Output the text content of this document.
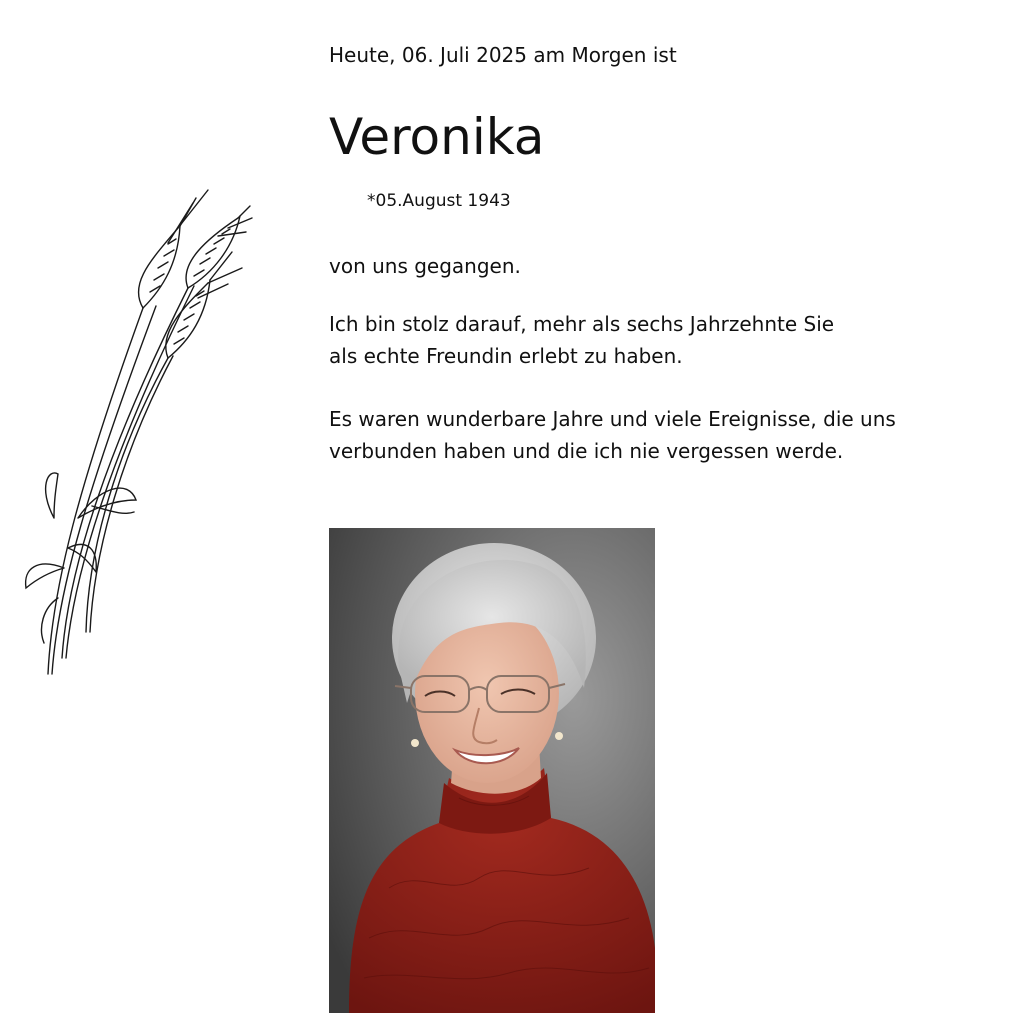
Heute, 06. Juli 2025 am Morgen ist
Veronika
*05.August 1943
von uns gegangen.
Ich bin stolz darauf, mehr als sechs Jahrzehnte Sie
als echte Freundin erlebt zu haben.
Es waren wunderbare Jahre und viele Ereignisse, die uns
verbunden haben und die ich nie vergessen werde.
